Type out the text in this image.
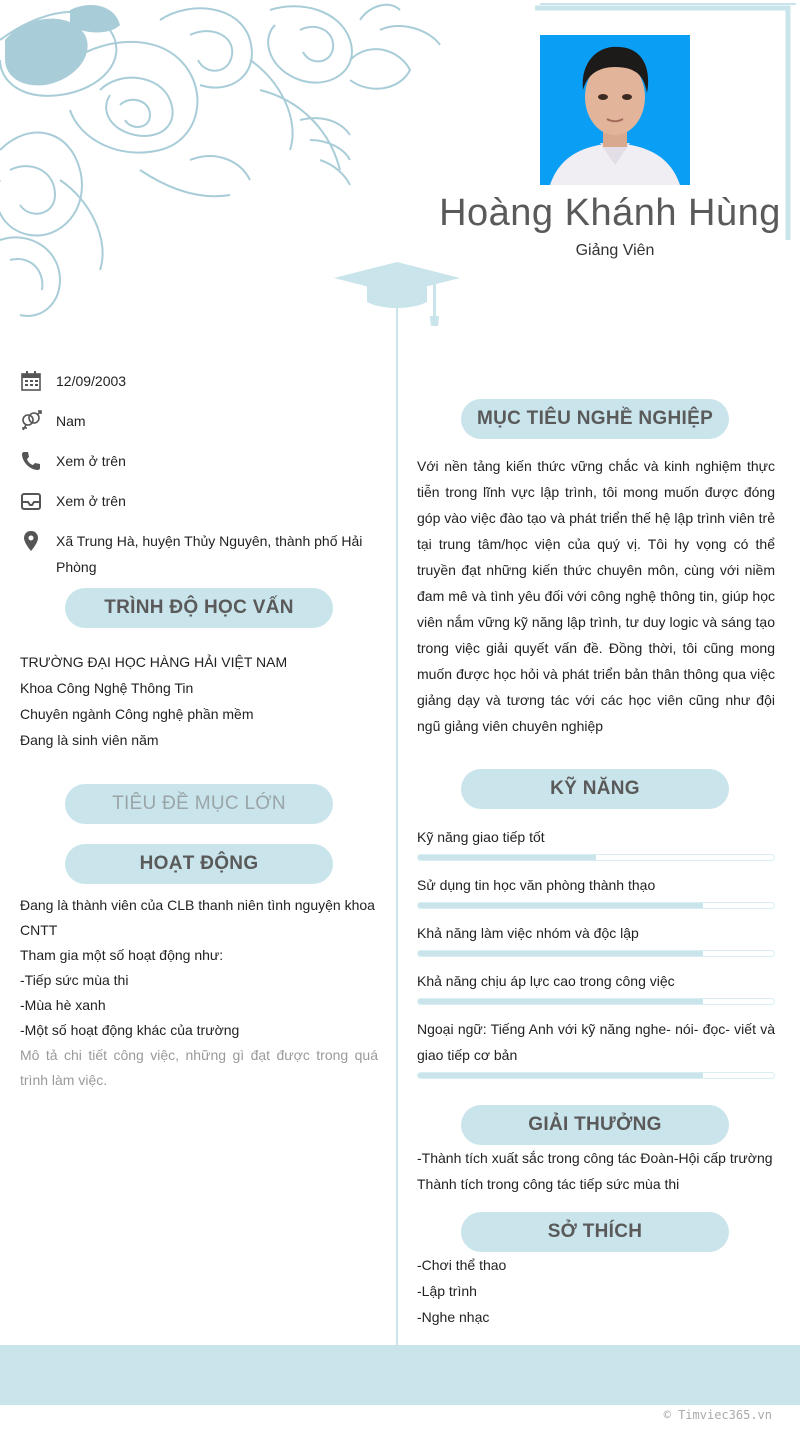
Hoàng Khánh Hùng
Giảng Viên
12/09/2003
Nam
Xem ở trên
Xem ở trên
Xã Trung Hà, huyện Thủy Nguyên, thành phố Hải Phòng
TRÌNH ĐỘ HỌC VẤN

TRƯỜNG ĐẠI HỌC HÀNG HẢI VIỆT NAM

Khoa Công Nghệ Thông Tin

Chuyên ngành Công nghệ phần mềm

Đang là sinh viên năm

TIÊU ĐỀ MỤC LỚN
HOẠT ĐỘNG

Đang là thành viên của CLB thanh niên tình nguyện khoa CNTT

Tham gia một số hoạt động như:

-Tiếp sức mùa thi

-Mùa hè xanh

-Một số hoạt động khác của trường

Mô tả chi tiết công việc, những gì đạt được trong quá trình làm việc.

MỤC TIÊU NGHỀ NGHIỆP

Với nền tảng kiến thức vững chắc và kinh nghiệm thực tiễn trong lĩnh vực lập trình, tôi mong muốn được đóng góp vào việc đào tạo và phát triển thế hệ lập trình viên trẻ tại trung tâm/học viện của quý vị. Tôi hy vọng có thể truyền đạt những kiến thức chuyên môn, cùng với niềm đam mê và tình yêu đối với công nghệ thông tin, giúp học viên nắm vững kỹ năng lập trình, tư duy logic và sáng tạo trong việc giải quyết vấn đề. Đồng thời, tôi cũng mong muốn được học hỏi và phát triển bản thân thông qua việc giảng dạy và tương tác với các học viên cũng như đội ngũ giảng viên chuyên nghiệp

KỸ NĂNG
Kỹ năng giao tiếp tốt
Sử dụng tin học văn phòng thành thạo
Khả năng làm việc nhóm và độc lập
Khả năng chịu áp lực cao trong công việc
Ngoại ngữ: Tiếng Anh với kỹ năng nghe- nói- đọc- viết và giao tiếp cơ bản
GIẢI THƯỞNG

-Thành tích xuất sắc trong công tác Đoàn-Hội cấp trường

Thành tích trong công tác tiếp sức mùa thi

SỞ THÍCH

-Chơi thể thao

-Lập trình

-Nghe nhạc

© Timviec365.vn
